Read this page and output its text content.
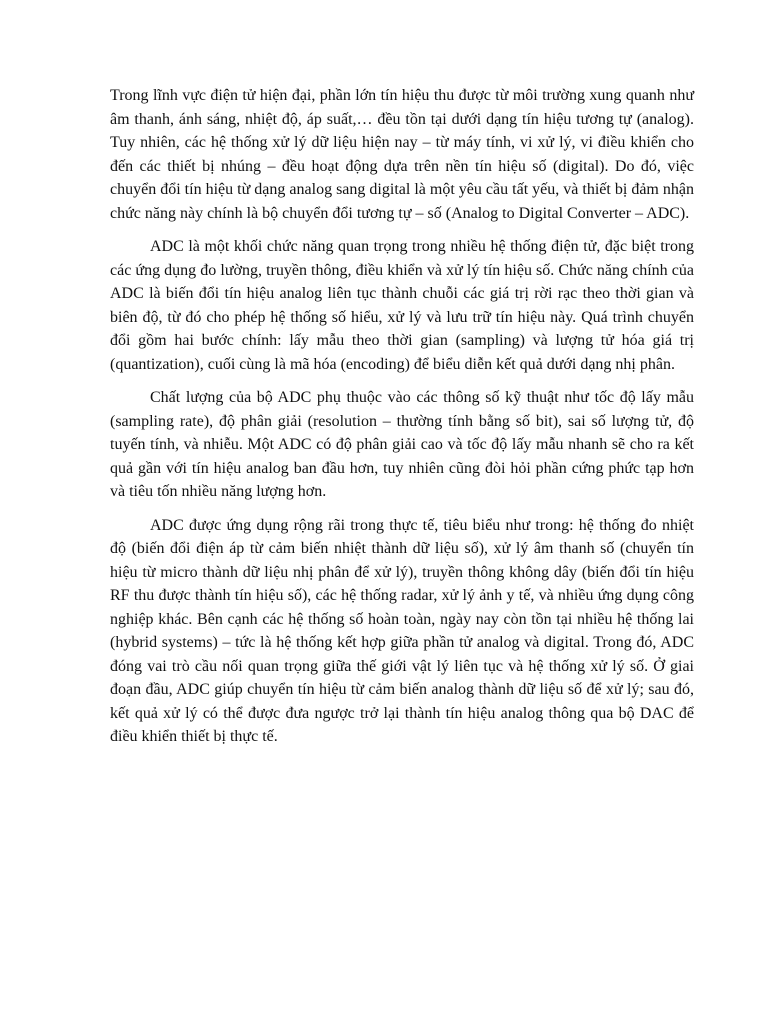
Trong lĩnh vực điện tử hiện đại, phần lớn tín hiệu thu được từ môi trường xung quanh như âm thanh, ánh sáng, nhiệt độ, áp suất,… đều tồn tại dưới dạng tín hiệu tương tự (analog). Tuy nhiên, các hệ thống xử lý dữ liệu hiện nay – từ máy tính, vi xử lý, vi điều khiển cho đến các thiết bị nhúng – đều hoạt động dựa trên nền tín hiệu số (digital). Do đó, việc chuyển đổi tín hiệu từ dạng analog sang digital là một yêu cầu tất yếu, và thiết bị đảm nhận chức năng này chính là bộ chuyển đổi tương tự – số (Analog to Digital Converter – ADC).

ADC là một khối chức năng quan trọng trong nhiều hệ thống điện tử, đặc biệt trong các ứng dụng đo lường, truyền thông, điều khiển và xử lý tín hiệu số. Chức năng chính của ADC là biến đổi tín hiệu analog liên tục thành chuỗi các giá trị rời rạc theo thời gian và biên độ, từ đó cho phép hệ thống số hiểu, xử lý và lưu trữ tín hiệu này. Quá trình chuyển đổi gồm hai bước chính: lấy mẫu theo thời gian (sampling) và lượng tử hóa giá trị (quantization), cuối cùng là mã hóa (encoding) để biểu diễn kết quả dưới dạng nhị phân.

Chất lượng của bộ ADC phụ thuộc vào các thông số kỹ thuật như tốc độ lấy mẫu (sampling rate), độ phân giải (resolution – thường tính bằng số bit), sai số lượng tử, độ tuyến tính, và nhiễu. Một ADC có độ phân giải cao và tốc độ lấy mẫu nhanh sẽ cho ra kết quả gần với tín hiệu analog ban đầu hơn, tuy nhiên cũng đòi hỏi phần cứng phức tạp hơn và tiêu tốn nhiều năng lượng hơn.

ADC được ứng dụng rộng rãi trong thực tế, tiêu biểu như trong: hệ thống đo nhiệt độ (biến đổi điện áp từ cảm biến nhiệt thành dữ liệu số), xử lý âm thanh số (chuyển tín hiệu từ micro thành dữ liệu nhị phân để xử lý), truyền thông không dây (biến đổi tín hiệu RF thu được thành tín hiệu số), các hệ thống radar, xử lý ảnh y tế, và nhiều ứng dụng công nghiệp khác. Bên cạnh các hệ thống số hoàn toàn, ngày nay còn tồn tại nhiều hệ thống lai (hybrid systems) – tức là hệ thống kết hợp giữa phần tử analog và digital. Trong đó, ADC đóng vai trò cầu nối quan trọng giữa thế giới vật lý liên tục và hệ thống xử lý số. Ở giai đoạn đầu, ADC giúp chuyển tín hiệu từ cảm biến analog thành dữ liệu số để xử lý; sau đó, kết quả xử lý có thể được đưa ngược trở lại thành tín hiệu analog thông qua bộ DAC để điều khiển thiết bị thực tế.
